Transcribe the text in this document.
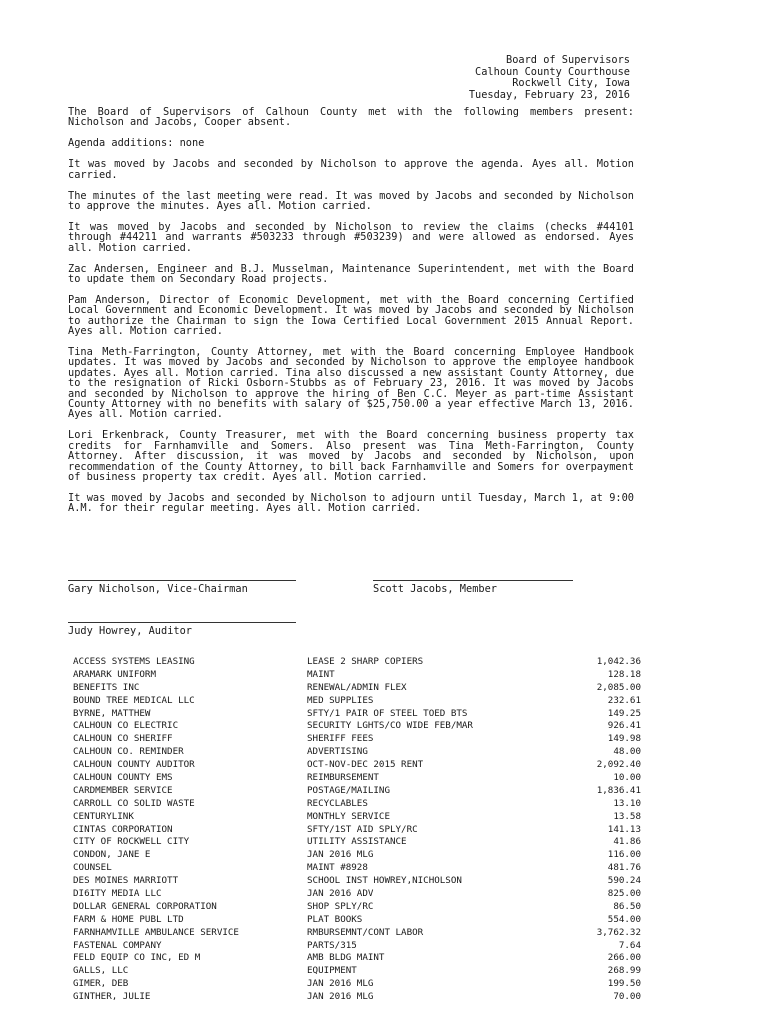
Board of Supervisors
Calhoun County Courthouse
Rockwell City, Iowa
Tuesday, February 23, 2016

The Board of Supervisors of Calhoun County met with the following members present: Nicholson and Jacobs, Cooper absent.

Agenda additions: none

It was moved by Jacobs and seconded by Nicholson to approve the agenda. Ayes all. Motion carried.

The minutes of the last meeting were read. It was moved by Jacobs and seconded by Nicholson to approve the minutes. Ayes all. Motion carried.

It was moved by Jacobs and seconded by Nicholson to review the claims (checks #44101 through #44211 and warrants #503233 through #503239) and were allowed as endorsed. Ayes all. Motion carried.

Zac Andersen, Engineer and B.J. Musselman, Maintenance Superintendent, met with the Board to update them on Secondary Road projects.

Pam Anderson, Director of Economic Development, met with the Board concerning Certified Local Government and Economic Development. It was moved by Jacobs and seconded by Nicholson to authorize the Chairman to sign the Iowa Certified Local Government 2015 Annual Report. Ayes all. Motion carried.

Tina Meth-Farrington, County Attorney, met with the Board concerning Employee Handbook updates. It was moved by Jacobs and seconded by Nicholson to approve the employee handbook updates. Ayes all. Motion carried. Tina also discussed a new assistant County Attorney, due to the resignation of Ricki Osborn-Stubbs as of February 23, 2016. It was moved by Jacobs and seconded by Nicholson to approve the hiring of Ben C.C. Meyer as part-time Assistant County Attorney with no benefits with salary of $25,750.00 a year effective March 13, 2016. Ayes all. Motion carried.

Lori Erkenbrack, County Treasurer, met with the Board concerning business property tax credits for Farnhamville and Somers. Also present was Tina Meth-Farrington, County Attorney. After discussion, it was moved by Jacobs and seconded by Nicholson, upon recommendation of the County Attorney, to bill back Farnhamville and Somers for overpayment of business property tax credit. Ayes all. Motion carried.

It was moved by Jacobs and seconded by Nicholson to adjourn until Tuesday, March 1, at 9:00 A.M. for their regular meeting. Ayes all. Motion carried.

Gary Nicholson, Vice-Chairman	Scott Jacobs, Member
Judy Howrey, Auditor
ACCESS SYSTEMS LEASING	LEASE 2 SHARP COPIERS	1,042.36
ARAMARK UNIFORM	MAINT	128.18
BENEFITS INC	RENEWAL/ADMIN FLEX	2,085.00
BOUND TREE MEDICAL LLC	MED SUPPLIES	232.61
BYRNE, MATTHEW	SFTY/1 PAIR OF STEEL TOED BTS	149.25
CALHOUN CO ELECTRIC	SECURITY LGHTS/CO WIDE FEB/MAR	926.41
CALHOUN CO SHERIFF	SHERIFF FEES	149.98
CALHOUN CO. REMINDER	ADVERTISING	48.00
CALHOUN COUNTY AUDITOR	OCT-NOV-DEC 2015 RENT	2,092.40
CALHOUN COUNTY EMS	REIMBURSEMENT	10.00
CARDMEMBER SERVICE	POSTAGE/MAILING	1,836.41
CARROLL CO SOLID WASTE	RECYCLABLES	13.10
CENTURYLINK	MONTHLY SERVICE	13.58
CINTAS CORPORATION	SFTY/1ST AID SPLY/RC	141.13
CITY OF ROCKWELL CITY	UTILITY ASSISTANCE	41.86
CONDON, JANE E	JAN 2016 MLG	116.00
COUNSEL	MAINT #8928	481.76
DES MOINES MARRIOTT	SCHOOL INST HOWREY,NICHOLSON	590.24
DI6ITY MEDIA LLC	JAN 2016 ADV	825.00
DOLLAR GENERAL CORPORATION	SHOP SPLY/RC	86.50
FARM & HOME PUBL LTD	PLAT BOOKS	554.00
FARNHAMVILLE AMBULANCE SERVICE	RMBURSEMNT/CONT LABOR	3,762.32
FASTENAL COMPANY	PARTS/315	7.64
FELD EQUIP CO INC, ED M	AMB BLDG MAINT	266.00
GALLS, LLC	EQUIPMENT	268.99
GIMER, DEB	JAN 2016 MLG	199.50
GINTHER, JULIE	JAN 2016 MLG	70.00
